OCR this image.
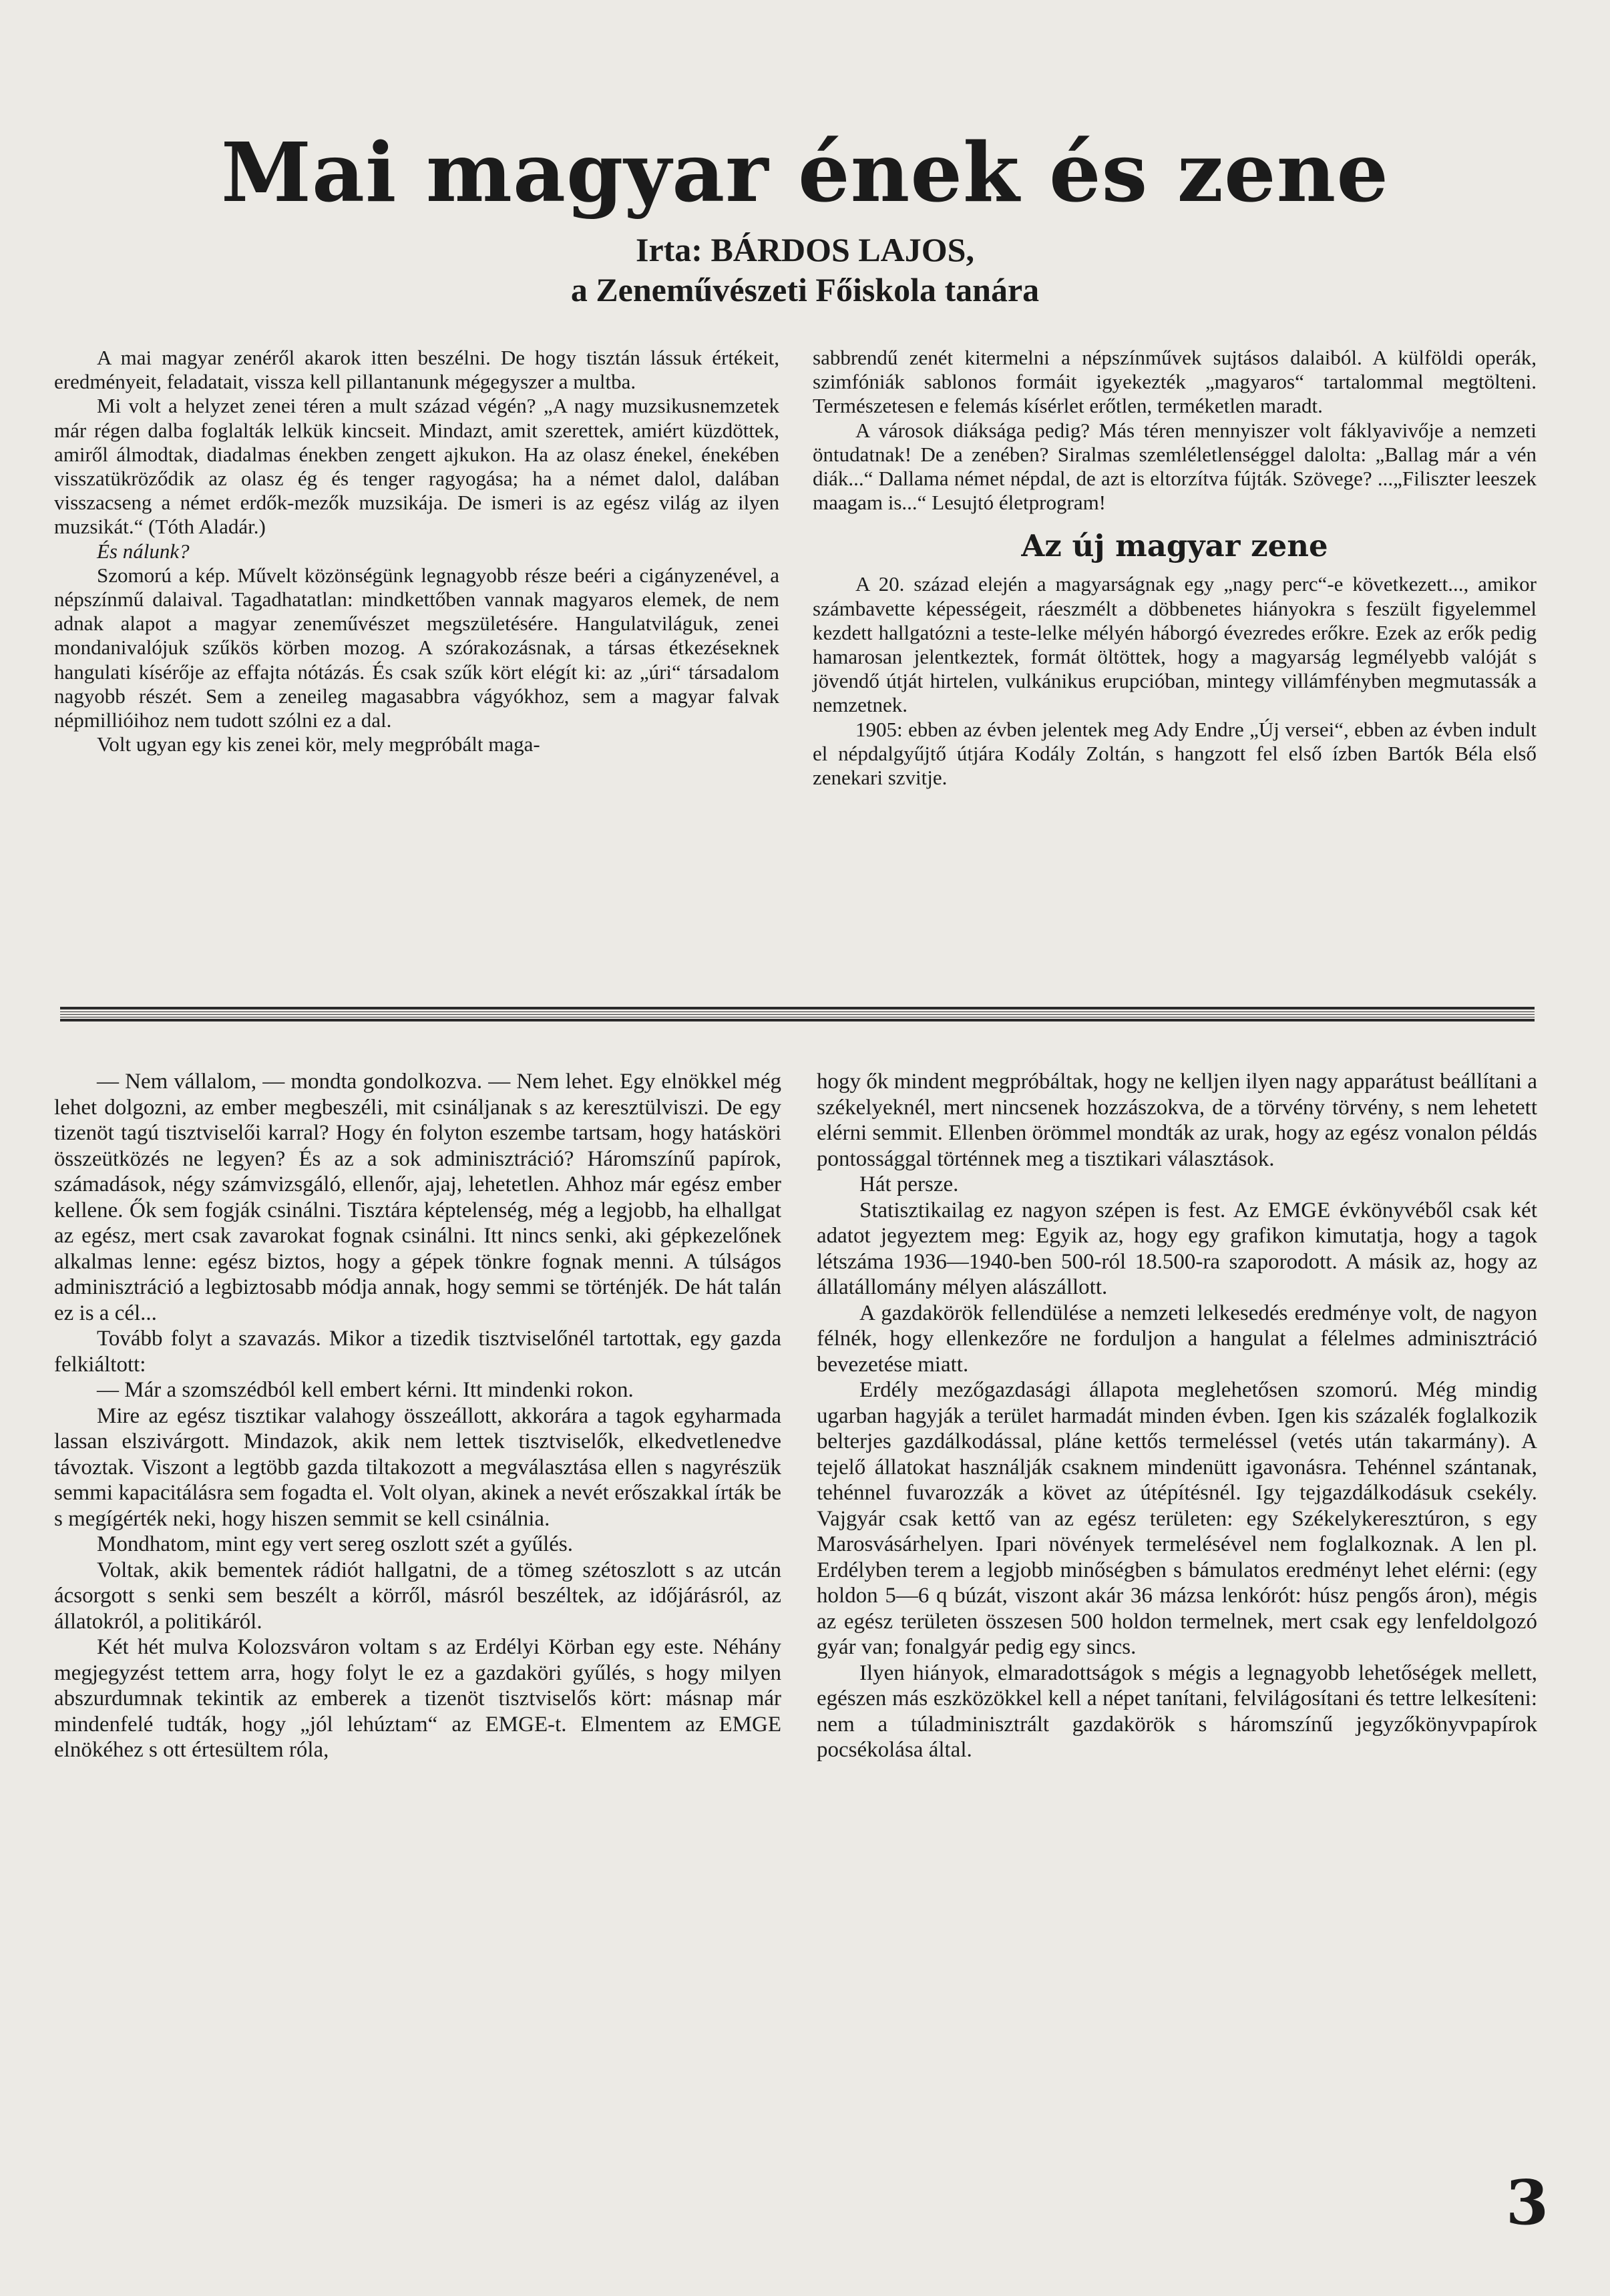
Mai magyar ének és zene

Irta: BÁRDOS LAJOS,

a Zeneművészeti Főiskola tanára

A mai magyar zenéről akarok itten beszélni. De hogy tisztán lássuk értékeit, eredményeit, feladatait, vissza kell pillantanunk mégegyszer a multba.

Mi volt a helyzet zenei téren a mult század végén? „A nagy muzsikusnemzetek már régen dalba foglalták lelkük kincseit. Mindazt, amit szerettek, amiért küzdöttek, amiről álmodtak, diadalmas énekben zengett ajkukon. Ha az olasz énekel, énekében visszatükröződik az olasz ég és tenger ragyogása; ha a német dalol, dalában visszacseng a német erdők-mezők muzsikája. De ismeri is az egész világ az ilyen muzsikát.“ (Tóth Aladár.)

És nálunk?

Szomorú a kép. Művelt közönségünk legnagyobb része beéri a cigányzenével, a népszínmű dalaival. Tagadhatatlan: mindkettőben vannak magyaros elemek, de nem adnak alapot a magyar zeneművészet megszületésére. Hangulatviláguk, zenei mondanivalójuk szűkös körben mozog. A szórakozásnak, a társas étkezéseknek hangulati kísérője az effajta nótázás. És csak szűk kört elégít ki: az „úri“ társadalom nagyobb részét. Sem a zeneileg magasabbra vágyókhoz, sem a magyar falvak népmillióihoz nem tudott szólni ez a dal.

Volt ugyan egy kis zenei kör, mely megpróbált maga-

sabbrendű zenét kitermelni a népszínművek sujtásos dalaiból. A külföldi operák, szimfóniák sablonos formáit igyekezték „magyaros“ tartalommal megtölteni. Természetesen e felemás kísérlet erőtlen, terméketlen maradt.

A városok diáksága pedig? Más téren mennyiszer volt fáklyavivője a nemzeti öntudatnak! De a zenében? Siralmas szemléletlenséggel dalolta: „Ballag már a vén diák...“ Dallama német népdal, de azt is eltorzítva fújták. Szövege? ...„Filiszter leeszek maagam is...“ Lesujtó életprogram!

Az új magyar zene

A 20. század elején a magyarságnak egy „nagy perc“-e következett..., amikor számbavette képességeit, ráeszmélt a döbbenetes hiányokra s feszült figyelemmel kezdett hallgatózni a teste-lelke mélyén háborgó évezredes erőkre. Ezek az erők pedig hamarosan jelentkeztek, formát öltöttek, hogy a magyarság legmélyebb valóját s jövendő útját hirtelen, vulkánikus erupcióban, mintegy villámfényben megmutassák a nemzetnek.

1905: ebben az évben jelentek meg Ady Endre „Új versei“, ebben az évben indult el népdalgyűjtő útjára Kodály Zoltán, s hangzott fel első ízben Bartók Béla első zenekari szvitje.

— Nem vállalom, — mondta gondolkozva. — Nem lehet. Egy elnökkel még lehet dolgozni, az ember megbeszéli, mit csináljanak s az keresztülviszi. De egy tizenöt tagú tisztviselői karral? Hogy én folyton eszembe tartsam, hogy hatásköri összeütközés ne legyen? És az a sok adminisztráció? Háromszínű papírok, számadások, négy számvizsgáló, ellenőr, ajaj, lehetetlen. Ahhoz már egész ember kellene. Ők sem fogják csinálni. Tisztára képtelenség, még a legjobb, ha elhallgat az egész, mert csak zavarokat fognak csinálni. Itt nincs senki, aki gépkezelőnek alkalmas lenne: egész biztos, hogy a gépek tönkre fognak menni. A túlságos adminisztráció a legbiztosabb módja annak, hogy semmi se történjék. De hát talán ez is a cél...

Tovább folyt a szavazás. Mikor a tizedik tisztviselőnél tartottak, egy gazda felkiáltott:

— Már a szomszédból kell embert kérni. Itt mindenki rokon.

Mire az egész tisztikar valahogy összeállott, akkorára a tagok egyharmada lassan elszivárgott. Mindazok, akik nem lettek tisztviselők, elkedvetlenedve távoztak. Viszont a legtöbb gazda tiltakozott a megválasztása ellen s nagyrészük semmi kapacitálásra sem fogadta el. Volt olyan, akinek a nevét erőszakkal írták be s megígérték neki, hogy hiszen semmit se kell csinálnia.

Mondhatom, mint egy vert sereg oszlott szét a gyűlés.

Voltak, akik bementek rádiót hallgatni, de a tömeg szétoszlott s az utcán ácsorgott s senki sem beszélt a körről, másról beszéltek, az időjárásról, az állatokról, a politikáról.

Két hét mulva Kolozsváron voltam s az Erdélyi Körban egy este. Néhány megjegyzést tettem arra, hogy folyt le ez a gazdaköri gyűlés, s hogy milyen abszurdumnak tekintik az emberek a tizenöt tisztviselős kört: másnap már mindenfelé tudták, hogy „jól lehúztam“ az EMGE-t. Elmentem az EMGE elnökéhez s ott értesültem róla,

hogy ők mindent megpróbáltak, hogy ne kelljen ilyen nagy apparátust beállítani a székelyeknél, mert nincsenek hozzászokva, de a törvény törvény, s nem lehetett elérni semmit. Ellenben örömmel mondták az urak, hogy az egész vonalon példás pontossággal történnek meg a tisztikari választások.

Hát persze.

Statisztikailag ez nagyon szépen is fest. Az EMGE évkönyvéből csak két adatot jegyeztem meg: Egyik az, hogy egy grafikon kimutatja, hogy a tagok létszáma 1936—1940-ben 500-ról 18.500-ra szaporodott. A másik az, hogy az állatállomány mélyen alászállott.

A gazdakörök fellendülése a nemzeti lelkesedés eredménye volt, de nagyon félnék, hogy ellenkezőre ne forduljon a hangulat a félelmes adminisztráció bevezetése miatt.

Erdély mezőgazdasági állapota meglehetősen szomorú. Még mindig ugarban hagyják a terület harmadát minden évben. Igen kis százalék foglalkozik belterjes gazdálkodással, pláne kettős termeléssel (vetés után takarmány). A tejelő állatokat használják csaknem mindenütt igavonásra. Tehénnel szántanak, tehénnel fuvarozzák a követ az útépítésnél. Igy tejgazdálkodásuk csekély. Vajgyár csak kettő van az egész területen: egy Székelykeresztúron, s egy Marosvásárhelyen. Ipari növények termelésével nem foglalkoznak. A len pl. Erdélyben terem a legjobb minőségben s bámulatos eredményt lehet elérni: (egy holdon 5—6 q búzát, viszont akár 36 mázsa lenkórót: húsz pengős áron), mégis az egész területen összesen 500 holdon termelnek, mert csak egy lenfeldolgozó gyár van; fonalgyár pedig egy sincs.

Ilyen hiányok, elmaradottságok s mégis a legnagyobb lehetőségek mellett, egészen más eszközökkel kell a népet tanítani, felvilágosítani és tettre lelkesíteni: nem a túladminisztrált gazdakörök s háromszínű jegyzőkönyvpapírok pocsékolása által.

3
